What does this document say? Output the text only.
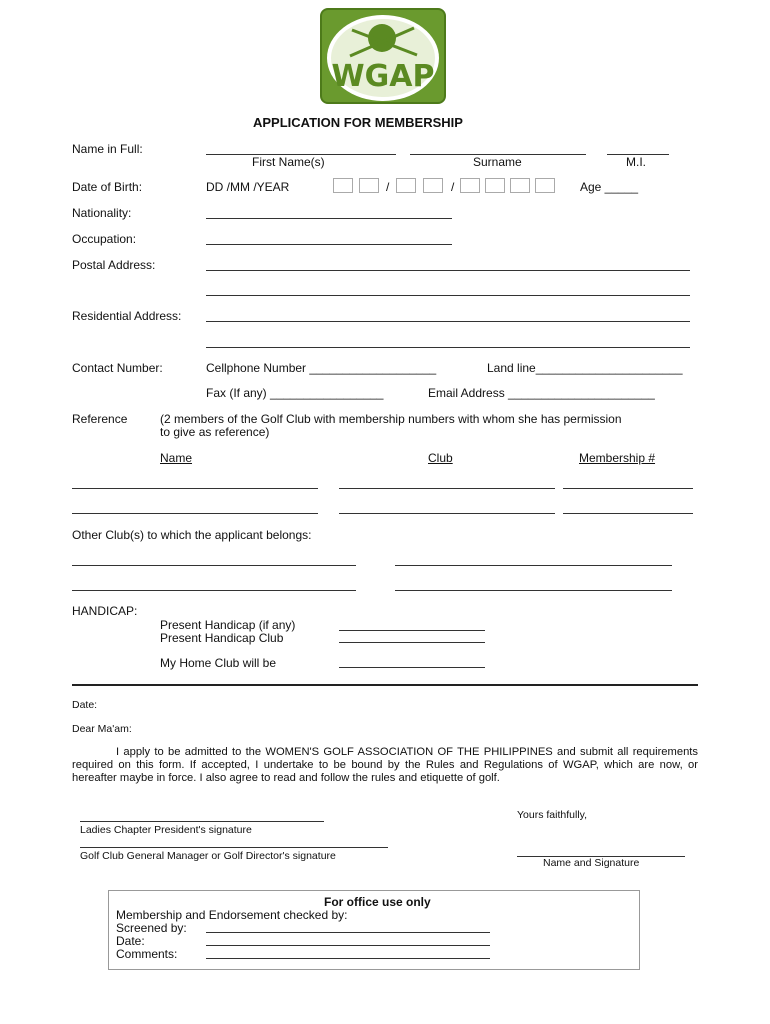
WGAP
APPLICATION FOR MEMBERSHIP
Name in Full:
First Name(s)	Surname	M.I.
Date of Birth:	DD /MM /YEAR	/	/	Age _____
Nationality:
Occupation:
Postal Address:
Residential Address:
Contact Number:	Cellphone Number ___________________	Land line______________________
Fax (If any) _________________	Email Address ______________________
Reference	(2 members of the Golf Club with membership numbers with whom she has permission
to give as reference)
Name	Club	Membership #
Other Club(s) to which the applicant belongs:
HANDICAP:
Present Handicap (if any)
Present Handicap Club
My Home Club will be
Date:
Dear Ma'am:
I apply to be admitted to the WOMEN'S GOLF ASSOCIATION OF THE PHILIPPINES and submit all requirements required on this form. If accepted, I undertake to be bound by the Rules and Regulations of WGAP, which are now, or hereafter maybe in force. I also agree to read and follow the rules and etiquette of golf.
Yours faithfully,
Ladies Chapter President's signature
Golf Club General Manager or Golf Director's signature
Name and Signature
For office use only
Membership and Endorsement checked by:
Screened by:
Date:
Comments:
